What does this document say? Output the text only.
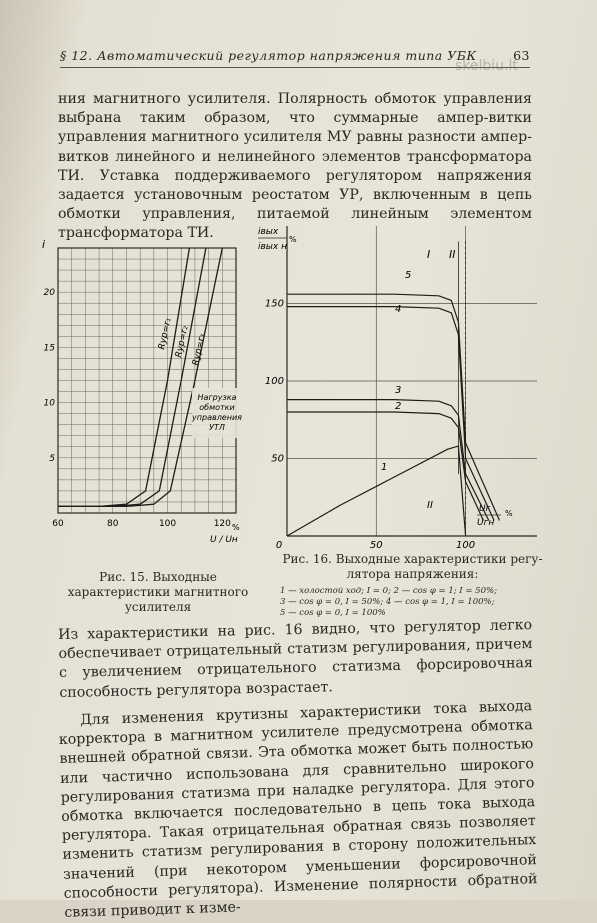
§ 12. Автоматический регулятор напряжения типа УБК	63
skelbiu.lt

ния магнитного усилителя. Полярность обмоток управления выбрана таким образом, что суммарные ампер-витки управления магнитного усилителя МУ равны разности ампер-витков линейного и нелинейного элементов трансформатора ТИ. Уставка поддерживаемого регулятором напряжения задается установочным реостатом УР, включенным в цепь обмотки управления, питаемой линейным элементом трансформатора ТИ.

60	80	100	120
5
10
15
20
i
%
U / Uн
Rур=r₁ Rур=r₂ Rур=r₃
Нагрузка
обмотки
управления
УТЛ
Рис. 15. Выходные характеристики магнитного усилителя
0	50	100
50
100
150
iвых
iвых н
%
Uг
Uгн
%
I II
II
1
2
3
4
5
Рис. 16. Выходные характеристики регу-
лятора напряжения:
1 — холостой ход; I = 0; 2 — cos φ = 1; I = 50%;
3 — cos φ = 0, I = 50%; 4 — cos φ = 1, I = 100%;
5 — cos φ = 0, I = 100%

Из характеристики на рис. 16 видно, что регулятор легко обеспечивает отрицательный статизм регулирования, причем с увеличением отрицательного статизма форсировочная способность регулятора возрастает.

Для изменения крутизны характеристики тока выхода корректора в магнитном усилителе предусмотрена обмотка внешней обратной связи. Эта обмотка может быть полностью или частично использована для сравнительно широкого регулирования статизма при наладке регулятора. Для этого обмотка включается последовательно в цепь тока выхода регулятора. Такая отрицательная обратная связь позволяет изменить статизм регулирования в сторону положительных значений (при некотором уменьшении форсировочной способности регулятора). Изменение полярности обратной связи приводит к изме-
